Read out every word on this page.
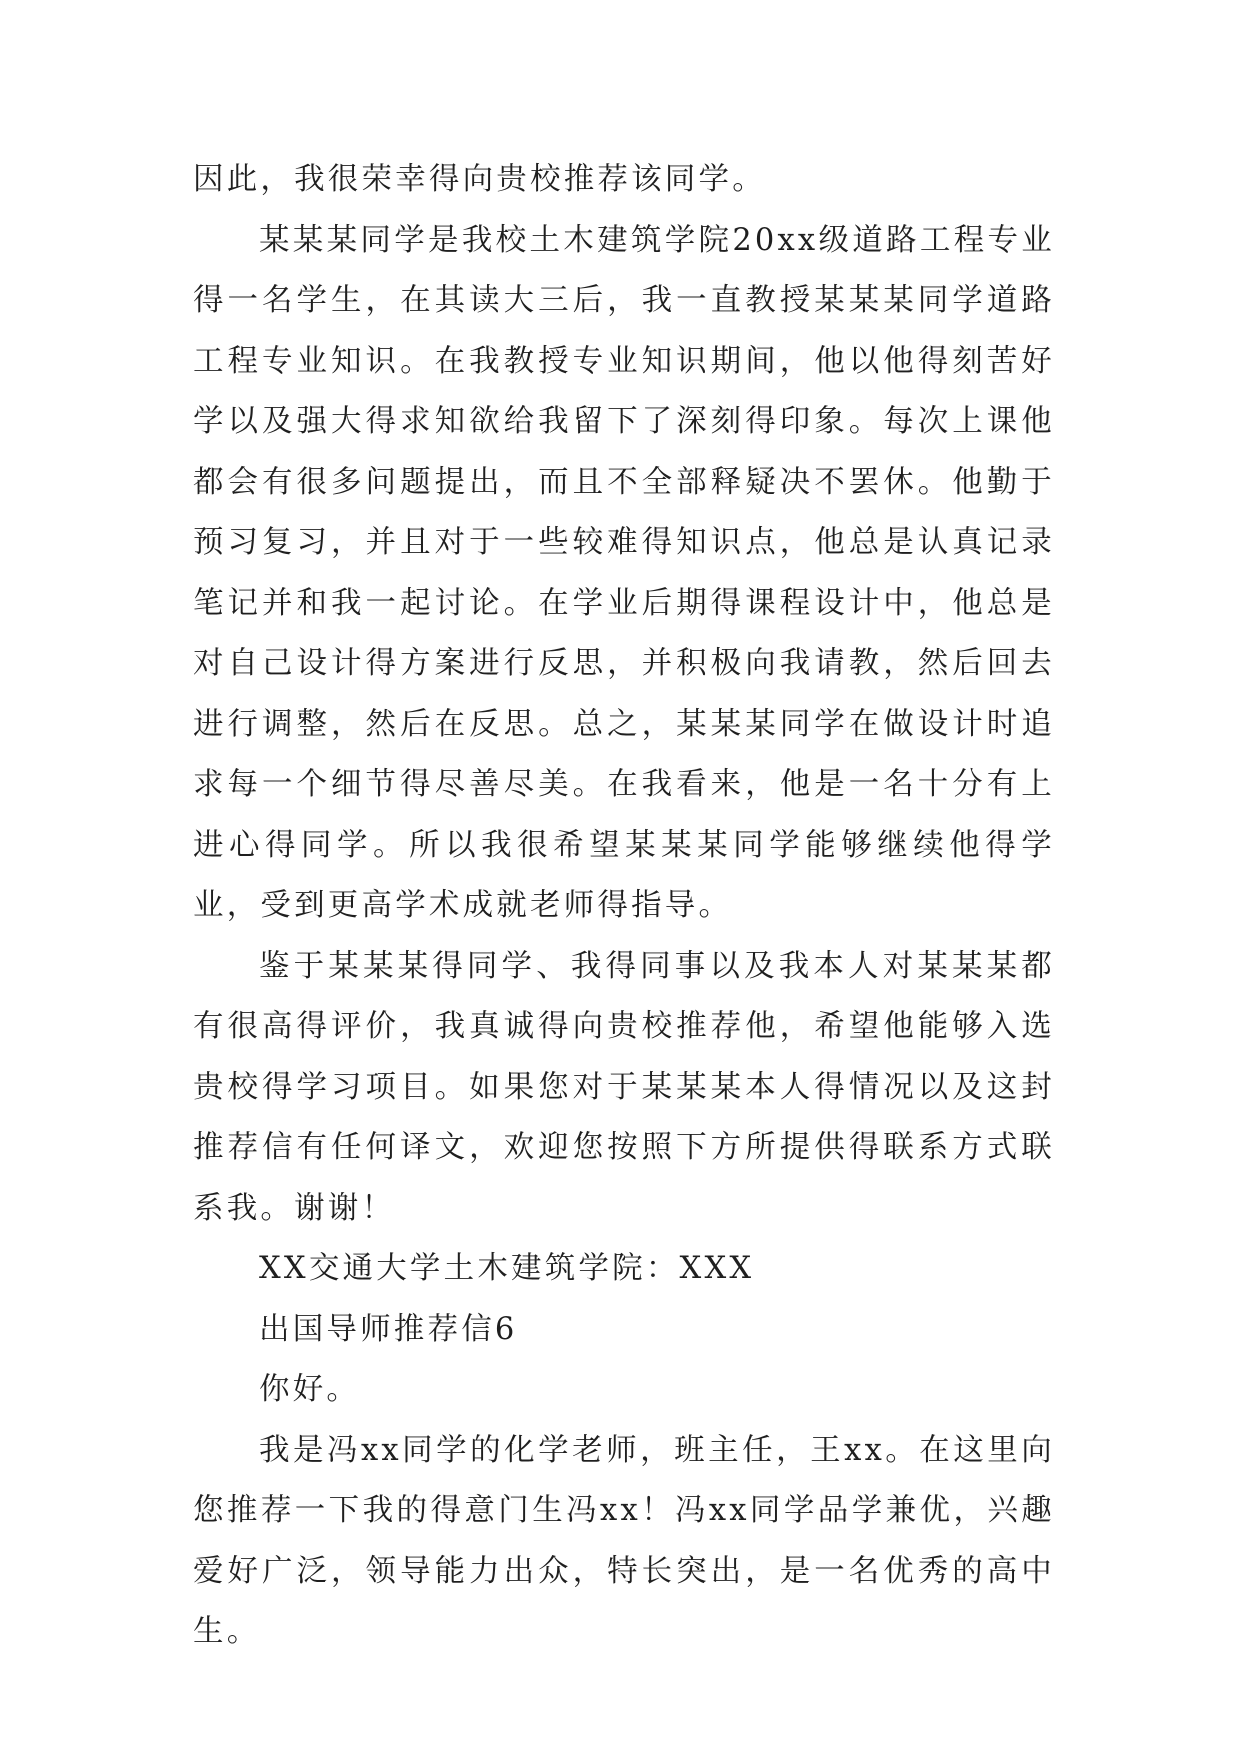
因此，我很荣幸得向贵校推荐该同学。

某某某同学是我校土木建筑学院20xx级道路工程专业得一名学生，在其读大三后，我一直教授某某某同学道路工程专业知识。在我教授专业知识期间，他以他得刻苦好学以及强大得求知欲给我留下了深刻得印象。每次上课他都会有很多问题提出，而且不全部释疑决不罢休。他勤于预习复习，并且对于一些较难得知识点，他总是认真记录笔记并和我一起讨论。在学业后期得课程设计中，他总是对自己设计得方案进行反思，并积极向我请教，然后回去进行调整，然后在反思。总之，某某某同学在做设计时追求每一个细节得尽善尽美。在我看来，他是一名十分有上进心得同学。所以我很希望某某某同学能够继续他得学业，受到更高学术成就老师得指导。

鉴于某某某得同学、我得同事以及我本人对某某某都有很高得评价，我真诚得向贵校推荐他，希望他能够入选贵校得学习项目。如果您对于某某某本人得情况以及这封推荐信有任何译文，欢迎您按照下方所提供得联系方式联系我。谢谢！

XX交通大学土木建筑学院：XXX

出国导师推荐信6

你好。

我是冯xx同学的化学老师，班主任，王xx。在这里向您推荐一下我的得意门生冯xx！冯xx同学品学兼优，兴趣爱好广泛，领导能力出众，特长突出，是一名优秀的高中生。
